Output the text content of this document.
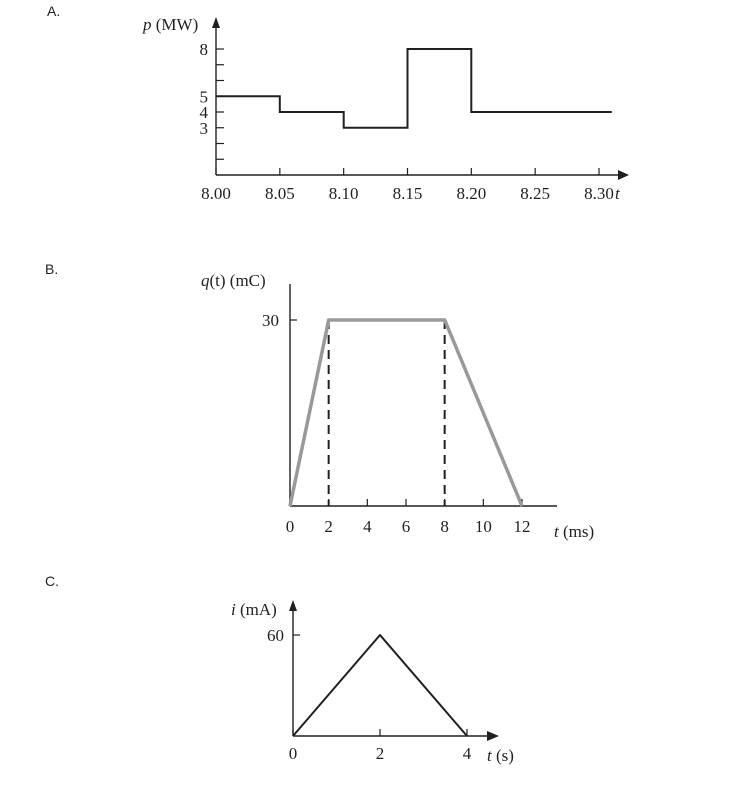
A.
3
4
5
8
8.00 8.05 8.10 8.15 8.20 8.25 8.30
p (MW)
t
B.
30
0 2 4 6 8 10 12
q(t) (mC)
t (ms)
C.
60
0	2	4
i (mA)
t (s)
